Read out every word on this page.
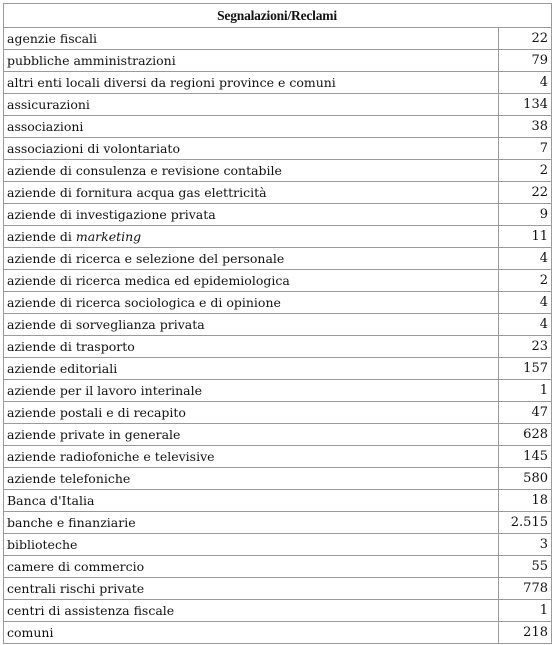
Segnalazioni/Reclami	
agenzie fiscali	22
pubbliche amministrazioni	79
altri enti locali diversi da regioni province e comuni	4
assicurazioni	134
associazioni	38
associazioni di volontariato	7
aziende di consulenza e revisione contabile	2
aziende di fornitura acqua gas elettricità	22
aziende di investigazione privata	9
aziende di marketing	11
aziende di ricerca e selezione del personale	4
aziende di ricerca medica ed epidemiologica	2
aziende di ricerca sociologica e di opinione	4
aziende di sorveglianza privata	4
aziende di trasporto	23
aziende editoriali	157
aziende per il lavoro interinale	1
aziende postali e di recapito	47
aziende private in generale	628
aziende radiofoniche e televisive	145
aziende telefoniche	580
Banca d'Italia	18
banche e finanziarie	2.515
biblioteche	3
camere di commercio	55
centrali rischi private	778
centri di assistenza fiscale	1
comuni	218
